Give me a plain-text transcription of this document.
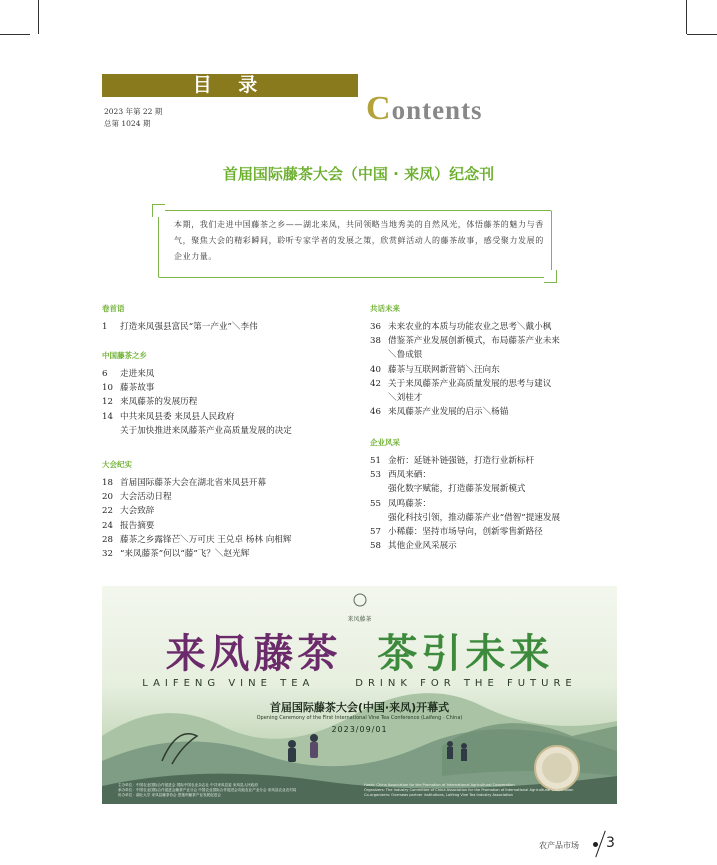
目 录
2023 年第 22 期
总第 1024 期	Contents
首届国际藤茶大会（中国 · 来凤）纪念刊
本期，我们走进中国藤茶之乡——湖北来凤，共同领略当地秀美的自然风光，体悟藤茶的魅力与香气，聚焦大会的精彩瞬间，聆听专家学者的发展之策，欣赏鲜活动人的藤茶故事，感受聚力发展的企业力量。
卷首语
1 打造来凤强县富民“第一产业”＼李伟
中国藤茶之乡
6 走进来凤
10 藤茶故事
12 来凤藤茶的发展历程
14 中共来凤县委 来凤县人民政府
关于加快推进来凤藤茶产业高质量发展的决定
大会纪实
18 首届国际藤茶大会在湖北省来凤县开幕
20 大会活动日程
22 大会致辞
24 报告摘要
28 藤茶之乡露锋芒＼万可庆 王兑卓 杨林 向相辉
32 “来凤藤茶”何以“藤”飞？＼赵光辉
共话未来
36 未来农业的本质与功能农业之思考＼戴小枫
38 借鉴茶产业发展创新模式，布局藤茶产业未来
＼鲁成银
40 藤茶与互联网新营销＼汪向东
42 关于来凤藤茶产业高质量发展的思考与建议
＼刘桂才
46 来凤藤茶产业发展的启示＼杨锚
企业风采
51 金桁：延链补链强链，打造行业新标杆
53 西凤来硒：
强化数字赋能，打造藤茶发展新模式
55 凤鸣藤茶：
强化科技引领，推动藤茶产业“借智”提速发展
57 小稀藤：坚持市场导向，创新零售新路径
58 其他企业风采展示
来凤藤茶
来凤藤茶 茶引未来
LAIFENG VINE TEA     DRINK FOR THE FUTURE
首届国际藤茶大会(中国·来凤)开幕式
Opening Ceremony of the First International Vine Tea Conference (Laifeng · China)
2023/09/01
主办单位：中国农业国际合作促进会 国际中国农业杂志社 中共来凤县委 来凤县人民政府
承办单位：中国农业国际合作促进会藤茶产业分会 中国农业国际合作促进会功能农业产业分会 来凤县农业农村局
协办单位：湖北大学 来凤县藤茶协会 恩施州藤茶产业发展促进会
Hosts: China Association for the Promotion of International Agricultural Cooperation
Organizers: The Industry Committee of China Association for the Promotion of International Agricultural Cooperation
Co-organizers: Overseas partner institutions, Laifeng Vine Tea Industry Association
农产品市场 3
